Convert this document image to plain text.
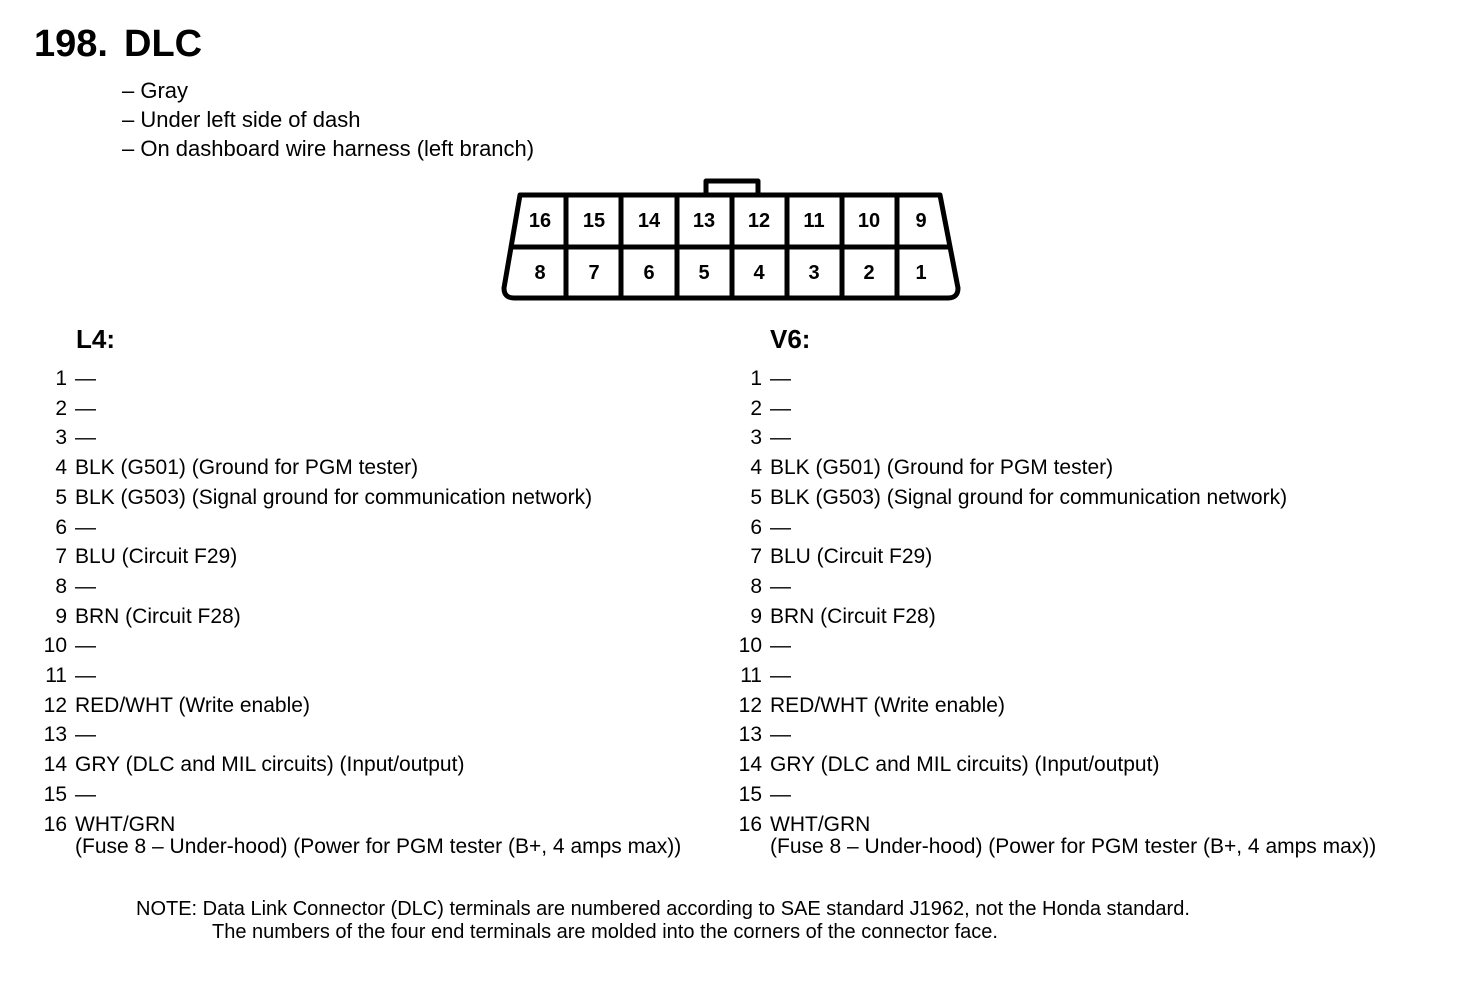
198. DLC
– Gray
– Under left side of dash
– On dashboard wire harness (left branch)
16 15 14 13 12 11 10 9
8 7 6 5 4 3 2 1
L4:	V6:
1 —
2 —
3 —
4 BLK (G501) (Ground for PGM tester)
5 BLK (G503) (Signal ground for communication network)
6 —
7 BLU (Circuit F29)
8 —
9 BRN (Circuit F28)
10 —
11 —
12 RED/WHT (Write enable)
13 —
14 GRY (DLC and MIL circuits) (Input/output)
15 —
16 WHT/GRN
(Fuse 8 – Under-hood) (Power for PGM tester (B+, 4 amps max))
1 —
2 —
3 —
4 BLK (G501) (Ground for PGM tester)
5 BLK (G503) (Signal ground for communication network)
6 —
7 BLU (Circuit F29)
8 —
9 BRN (Circuit F28)
10 —
11 —
12 RED/WHT (Write enable)
13 —
14 GRY (DLC and MIL circuits) (Input/output)
15 —
16 WHT/GRN
(Fuse 8 – Under-hood) (Power for PGM tester (B+, 4 amps max))
NOTE: Data Link Connector (DLC) terminals are numbered according to SAE standard J1962, not the Honda standard.
The numbers of the four end terminals are molded into the corners of the connector face.
